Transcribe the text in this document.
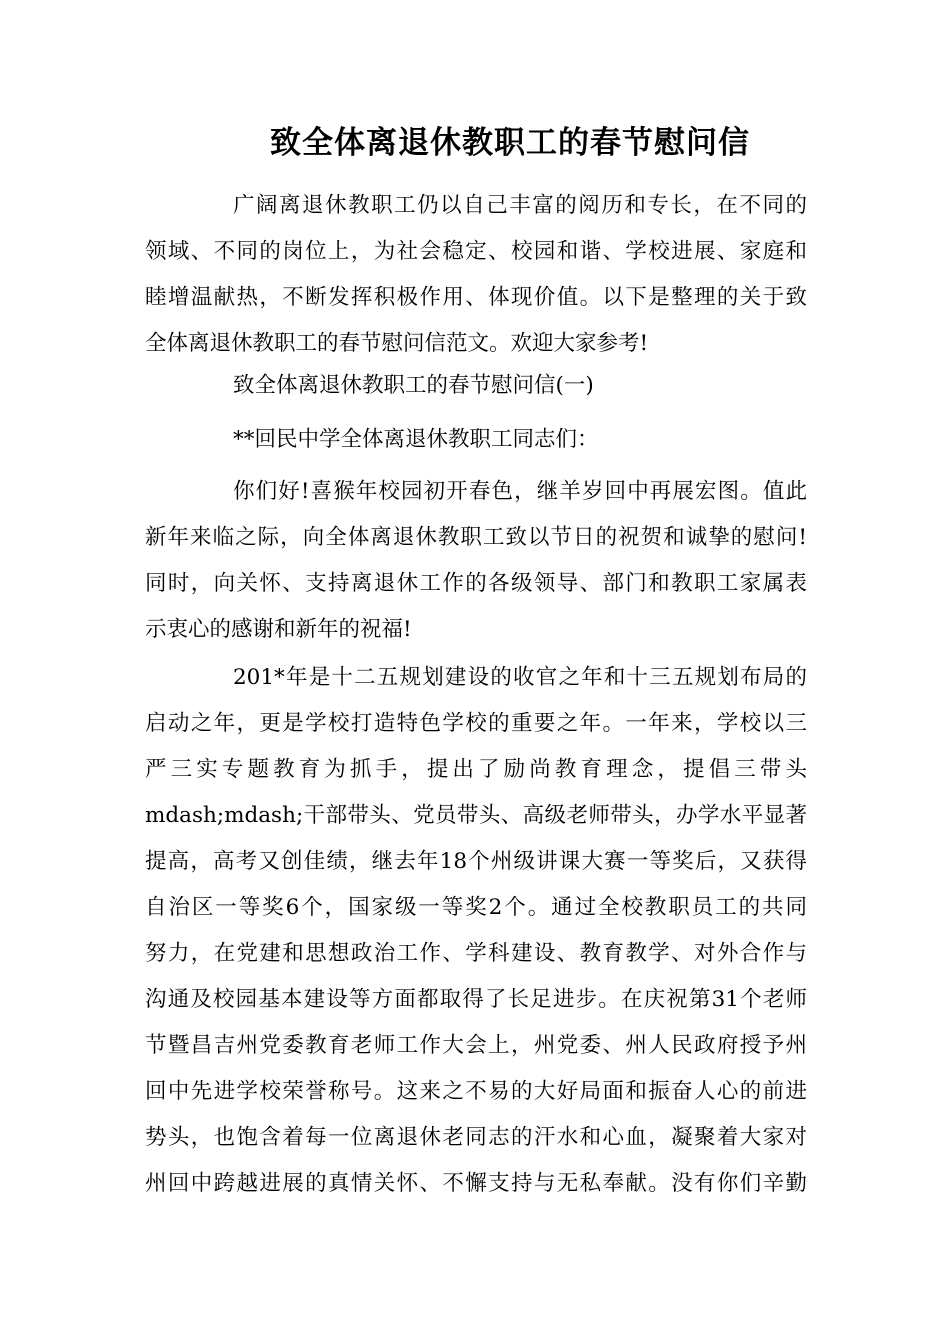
致全体离退休教职工的春节慰问信
广阔离退休教职工仍以自己丰富的阅历和专长，在不同的
领域、不同的岗位上，为社会稳定、校园和谐、学校进展、家庭和
睦增温献热，不断发挥积极作用、体现价值。以下是整理的关于致
全体离退休教职工的春节慰问信范文。欢迎大家参考!
致全体离退休教职工的春节慰问信(一)
**回民中学全体离退休教职工同志们：
你们好!喜猴年校园初开春色，继羊岁回中再展宏图。值此
新年来临之际，向全体离退休教职工致以节日的祝贺和诚挚的慰问!
同时，向关怀、支持离退休工作的各级领导、部门和教职工家属表
示衷心的感谢和新年的祝福!
201*年是十二五规划建设的收官之年和十三五规划布局的
启动之年，更是学校打造特色学校的重要之年。一年来，学校以三
严三实专题教育为抓手，提出了励尚教育理念，提倡三带头
mdash;mdash;干部带头、党员带头、高级老师带头，办学水平显著
提高，高考又创佳绩，继去年18个州级讲课大赛一等奖后，又获得
自治区一等奖6个，国家级一等奖2个。通过全校教职员工的共同
努力，在党建和思想政治工作、学科建设、教育教学、对外合作与
沟通及校园基本建设等方面都取得了长足进步。在庆祝第31个老师
节暨昌吉州党委教育老师工作大会上，州党委、州人民政府授予州
回中先进学校荣誉称号。这来之不易的大好局面和振奋人心的前进
势头，也饱含着每一位离退休老同志的汗水和心血，凝聚着大家对
州回中跨越进展的真情关怀、不懈支持与无私奉献。没有你们辛勤
